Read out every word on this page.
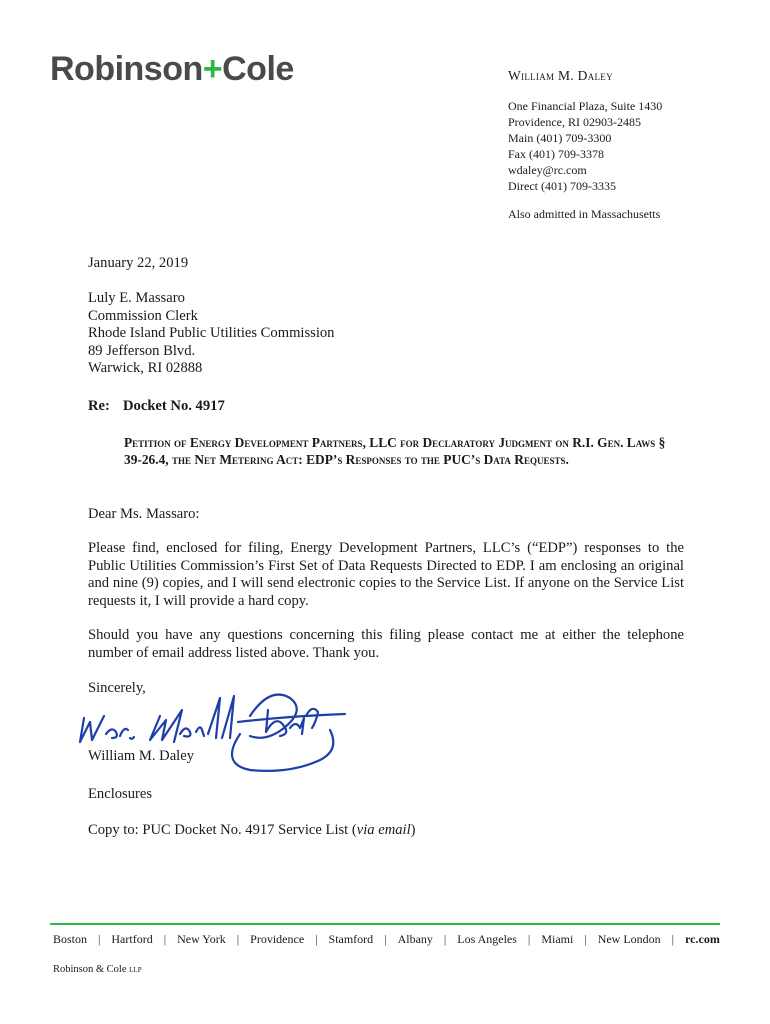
Robinson+Cole	William M. Daley
One Financial Plaza, Suite 1430
Providence, RI 02903-2485
Main (401) 709-3300
Fax (401) 709-3378
wdaley@rc.com
Direct (401) 709-3335
Also admitted in Massachusetts
January 22, 2019
Luly E. Massaro
Commission Clerk
Rhode Island Public Utilities Commission
89 Jefferson Blvd.
Warwick, RI 02888
Re: Docket No. 4917
Petition of Energy Development Partners, LLC for Declaratory Judgment on R.I. Gen. Laws § 39-26.4, the Net Metering Act: EDP’s Responses to the PUC’s Data Requests.
Dear Ms. Massaro:
Please find, enclosed for filing, Energy Development Partners, LLC’s (“EDP”) responses to the Public Utilities Commission’s First Set of Data Requests Directed to EDP. I am enclosing an original and nine (9) copies, and I will send electronic copies to the Service List. If anyone on the Service List requests it, I will provide a hard copy.
Should you have any questions concerning this filing please contact me at either the telephone number of email address listed above. Thank you.
Sincerely,
William M. Daley
Enclosures
Copy to: PUC Docket No. 4917 Service List (via email)
Boston | Hartford | New York | Providence | Stamford | Albany | Los Angeles | Miami | New London | rc.com
Robinson & Cole llp
